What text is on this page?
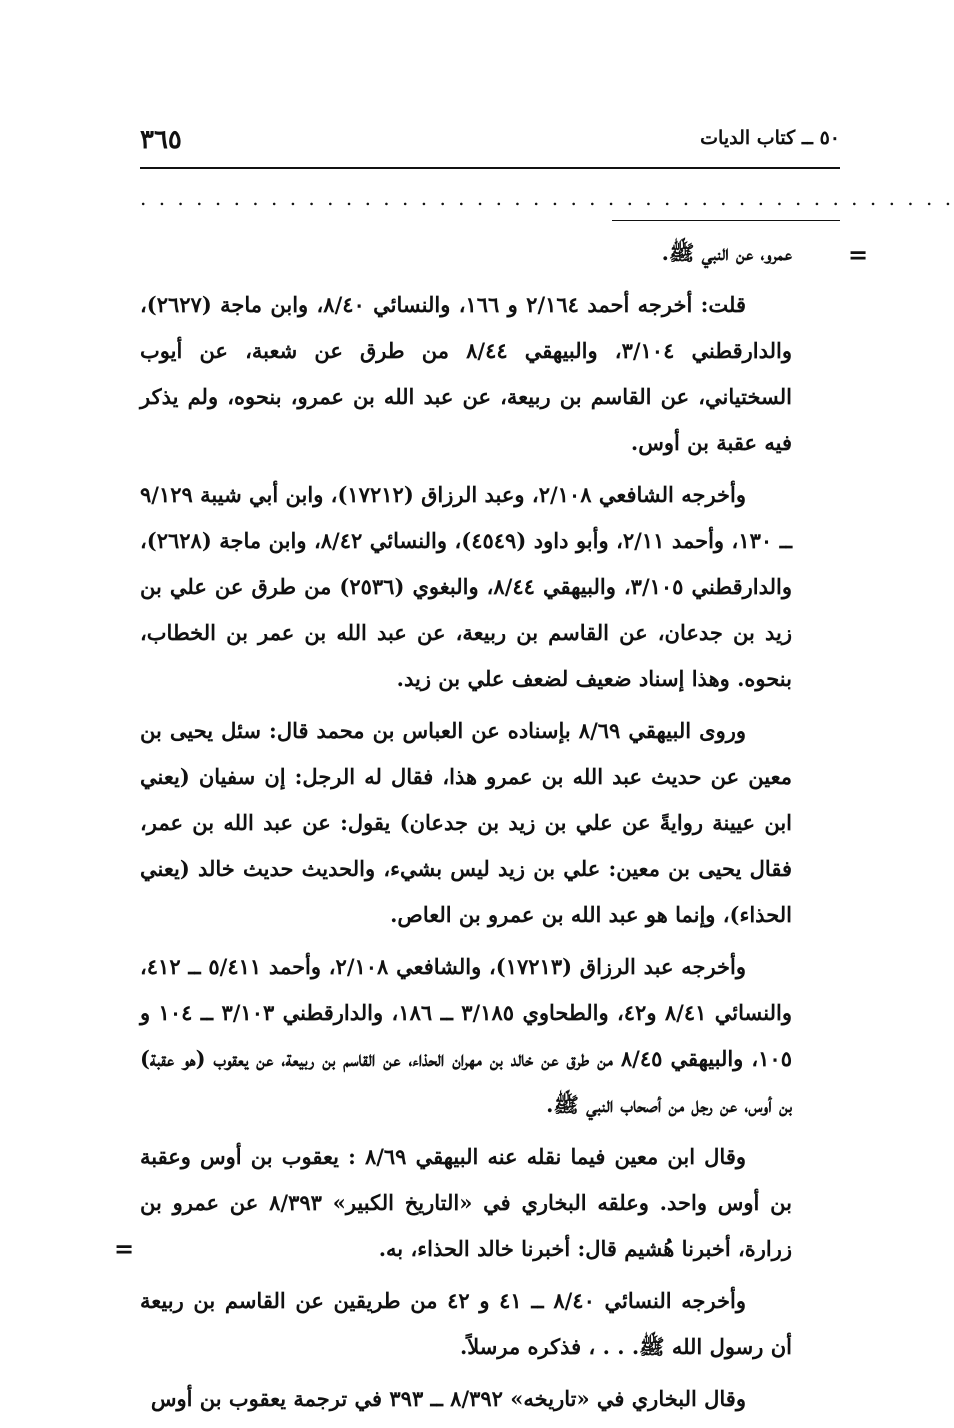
٥٠ ــ كتاب الديات
٣٦٥
. . . . . . . . . . . . . . . . . . . . . . . . . . . . . . . . . . . . . . . . . . . .
=
=

عمرو، عن النبي ﷺ.

قلت: أخرجه أحمد ٢/١٦٤ و ١٦٦، والنسائي ٨/٤٠، وابن ماجة (٢٦٢٧)، والدارقطني ٣/١٠٤، والبيهقي ٨/٤٤ من طرق عن شعبة، عن أيوب السختياني، عن القاسم بن ربيعة، عن عبد الله بن عمرو، بنحوه، ولم يذكر فيه عقبة بن أوس.

وأخرجه الشافعي ٢/١٠٨، وعبد الرزاق (١٧٢١٢)، وابن أبي شيبة ٩/١٢٩ ــ ١٣٠، وأحمد ٢/١١، وأبو داود (٤٥٤٩)، والنسائي ٨/٤٢، وابن ماجة (٢٦٢٨)، والدارقطني ٣/١٠٥، والبيهقي ٨/٤٤، والبغوي (٢٥٣٦) من طرق عن علي بن زيد بن جدعان، عن القاسم بن ربيعة، عن عبد الله بن عمر بن الخطاب، بنحوه. وهذا إسناد ضعيف لضعف علي بن زيد.

وروى البيهقي ٨/٦٩ بإسناده عن العباس بن محمد قال: سئل يحيى بن معين عن حديث عبد الله بن عمرو هذا، فقال له الرجل: إن سفيان (يعني ابن عيينة روايةً عن علي بن زيد بن جدعان) يقول: عن عبد الله بن عمر، فقال يحيى بن معين: علي بن زيد ليس بشيء، والحديث حديث خالد (يعني الحذاء)، وإنما هو عبد الله بن عمرو بن العاص.

وأخرجه عبد الرزاق (١٧٢١٣)، والشافعي ٢/١٠٨، وأحمد ٥/٤١١ ــ ٤١٢، والنسائي ٨/٤١ و٤٢، والطحاوي ٣/١٨٥ ــ ١٨٦، والدارقطني ٣/١٠٣ ــ ١٠٤ و ١٠٥، والبيهقي ٨/٤٥ من طرق عن خالد بن مهران الحذاء، عن القاسم بن ربيعة، عن يعقوب (هو عقبة) بن أوس، عن رجل من أصحاب النبي ﷺ.

وقال ابن معين فيما نقله عنه البيهقي ٨/٦٩ : يعقوب بن أوس وعقبة بن أوس واحد. وعلقه البخاري في «التاريخ الكبير» ٨/٣٩٣ عن عمرو بن زرارة، أخبرنا هُشيم قال: أخبرنا خالد الحذاء، به.

وأخرجه النسائي ٨/٤٠ ــ ٤١ و ٤٢ من طريقين عن القاسم بن ربيعة أن رسول الله ﷺ. . . ، فذكره مرسلاً.

وقال البخاري في «تاريخه» ٨/٣٩٢ ــ ٣٩٣ في ترجمة يعقوب بن أوس
